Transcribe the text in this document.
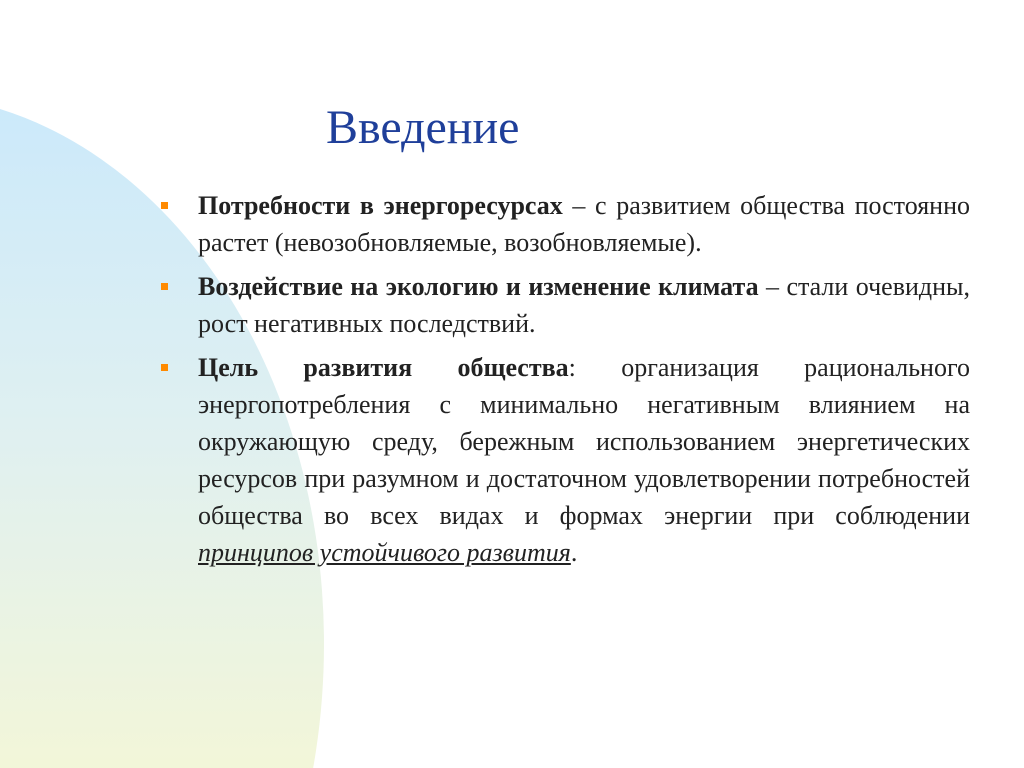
Введение
Потребности в энергоресурсах – с развитием общества постоянно растет (невозобновляемые, возобновляемые).
Воздействие на экологию и изменение климата – стали очевидны, рост негативных последствий.
Цель развития общества: организация рационального энергопотребления с минимально негативным влиянием на окружающую среду, бережным использованием энергетических ресурсов при разумном и достаточном удовлетворении потребностей общества во всех видах и формах энергии при соблюдении принципов устойчивого развития.
